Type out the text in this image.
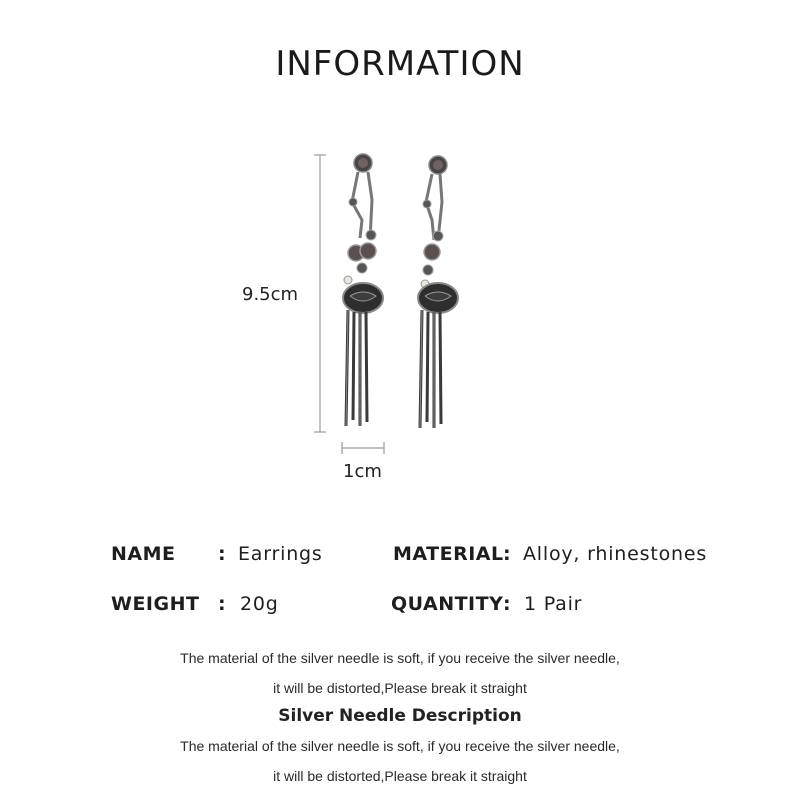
INFORMATION
9.5cm
1cm
NAME : Earrings	MATERIAL : Alloy, rhinestones
WEIGHT : 20g	QUANTITY : 1 Pair
The material of the silver needle is soft, if you receive the silver needle,
it will be distorted,Please break it straight
Silver Needle Description
The material of the silver needle is soft, if you receive the silver needle,
it will be distorted,Please break it straight
